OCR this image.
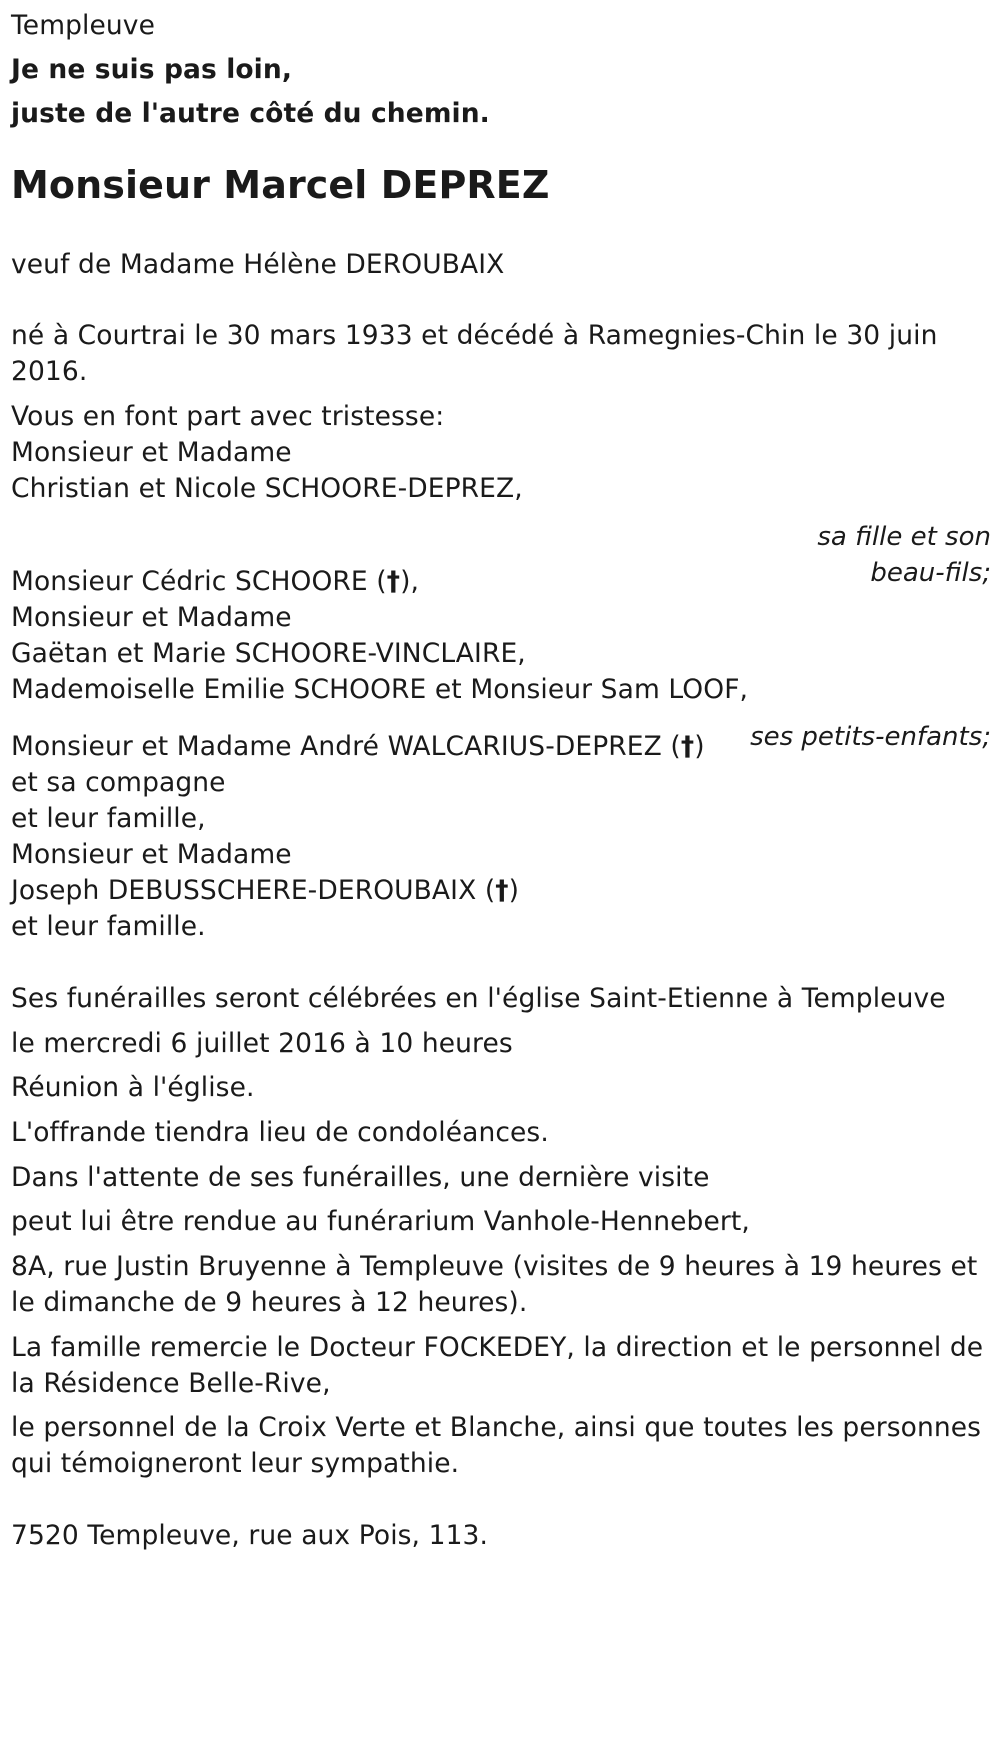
Templeuve

Je ne suis pas loin,

juste de l'autre côté du chemin.

Monsieur Marcel DEPREZ

veuf de Madame Hélène DEROUBAIX

né à Courtrai le 30 mars 1933 et décédé à Ramegnies-Chin le 30 juin

2016.

Vous en font part avec tristesse:

Monsieur et Madame

Christian et Nicole SCHOORE-DEPREZ,

sa fille et son

beau-fils;

Monsieur Cédric SCHOORE (†),

Monsieur et Madame

Gaëtan et Marie SCHOORE-VINCLAIRE,

Mademoiselle Emilie SCHOORE et Monsieur Sam LOOF,

ses petits-enfants;

Monsieur et Madame André WALCARIUS-DEPREZ (†)

et sa compagne

et leur famille,

Monsieur et Madame

Joseph DEBUSSCHERE-DEROUBAIX (†)

et leur famille.

Ses funérailles seront célébrées en l'église Saint-Etienne à Templeuve

le mercredi 6 juillet 2016 à 10 heures

Réunion à l'église.

L'offrande tiendra lieu de condoléances.

Dans l'attente de ses funérailles, une dernière visite

peut lui être rendue au funérarium Vanhole-Hennebert,

8A, rue Justin Bruyenne à Templeuve (visites de 9 heures à 19 heures et

le dimanche de 9 heures à 12 heures).

La famille remercie le Docteur FOCKEDEY, la direction et le personnel de

la Résidence Belle-Rive,

le personnel de la Croix Verte et Blanche, ainsi que toutes les personnes

qui témoigneront leur sympathie.

7520 Templeuve, rue aux Pois, 113.
